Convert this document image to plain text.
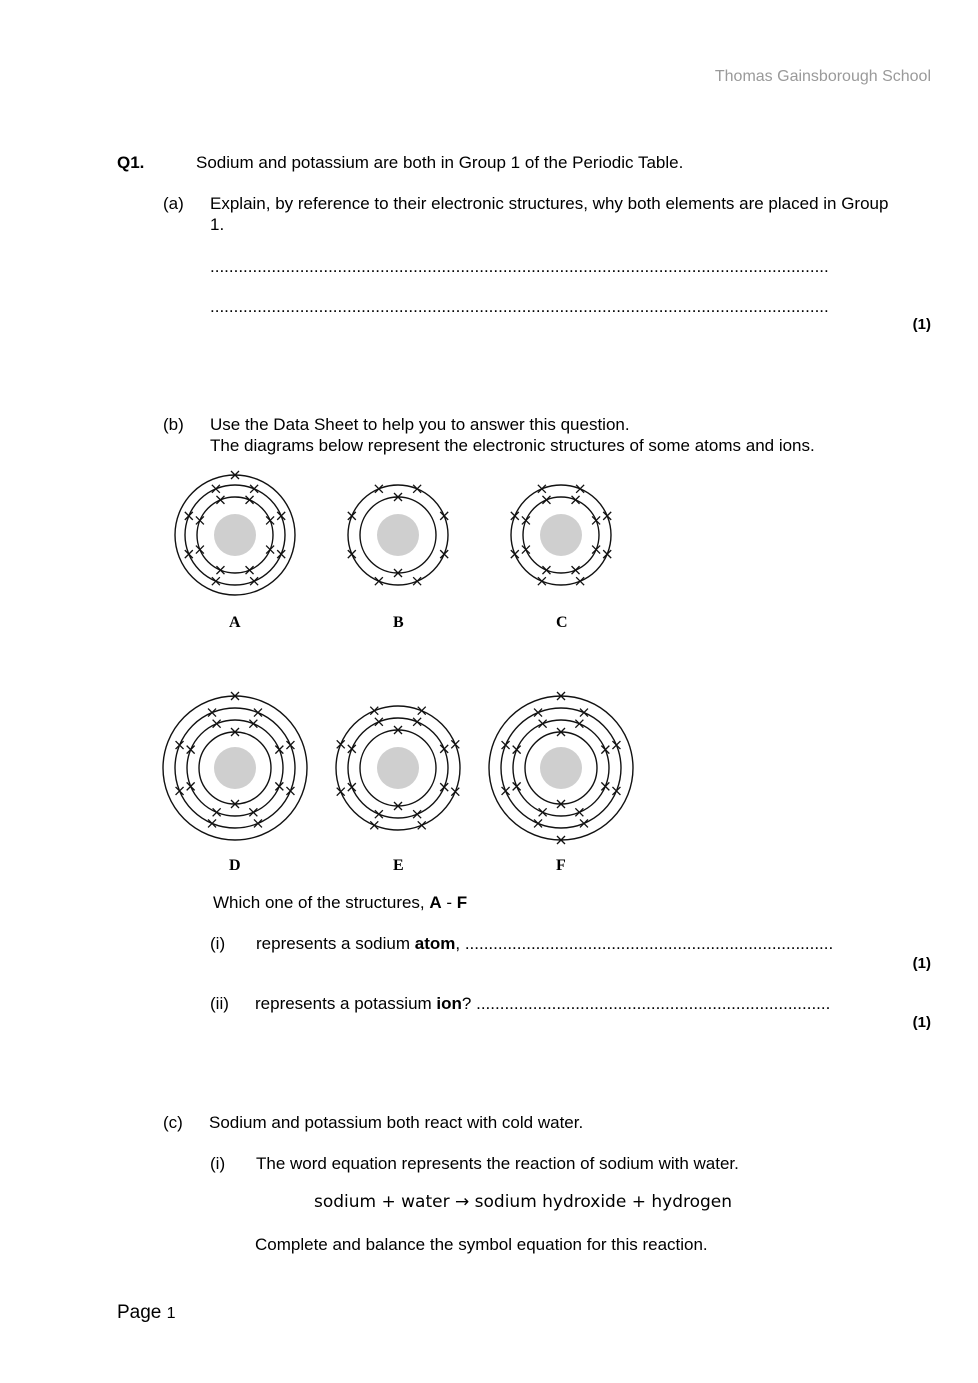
Thomas Gainsborough School
Q1.	Sodium and potassium are both in Group 1 of the Periodic Table.
(a) Explain, by reference to their electronic structures, why both elements are placed in Group 1.
...................................................................................................................................
...................................................................................................................................
(1)
(b) Use the Data Sheet to help you to answer this question.
The diagrams below represent the electronic structures of some atoms and ions.
A	B	C
D	E	F
Which one of the structures, A - F
(i) represents a sodium atom, ..............................................................................
(1)
(ii) represents a potassium ion? ...........................................................................
(1)
(c) Sodium and potassium both react with cold water.
(i) The word equation represents the reaction of sodium with water.
sodium + water → sodium hydroxide + hydrogen
Complete and balance the symbol equation for this reaction.
Page 1
